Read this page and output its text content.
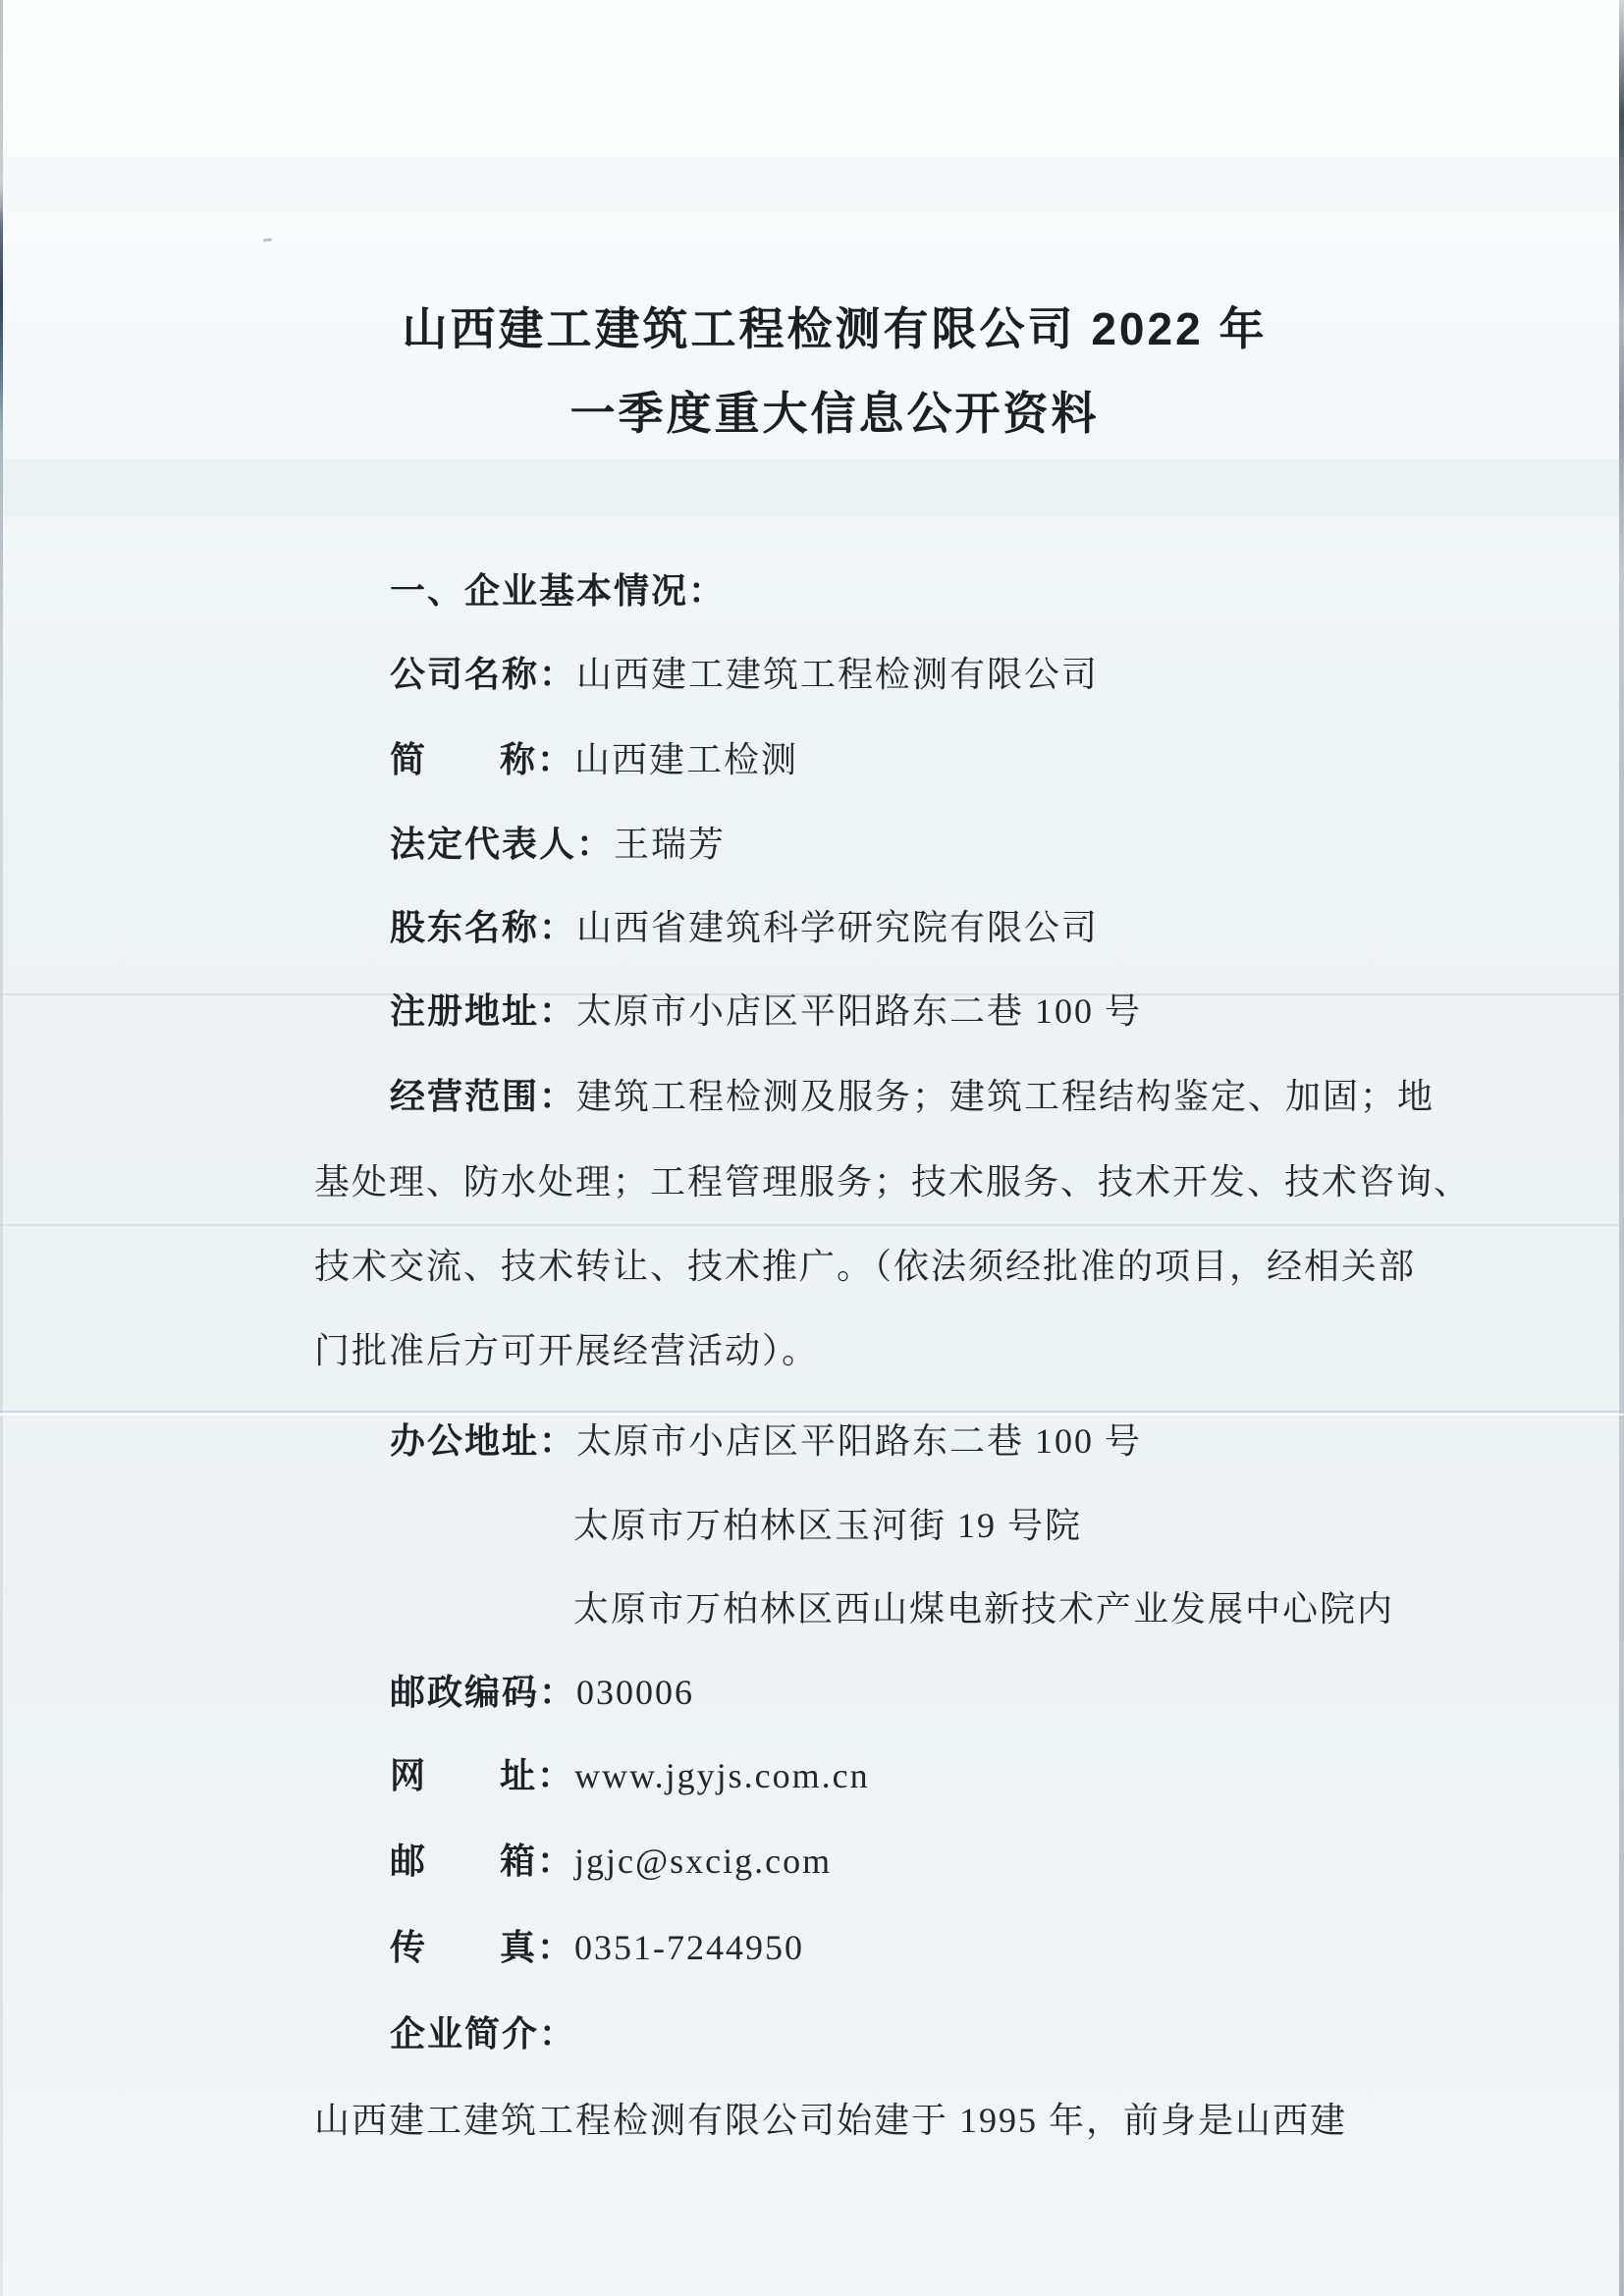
山西建工建筑工程检测有限公司 2022 年
一季度重大信息公开资料

一、企业基本情况：

公司名称：山西建工建筑工程检测有限公司

简 称 ：山西建工检测

法定代表人：王瑞芳

股东名称：山西省建筑科学研究院有限公司

注册地址：太原市小店区平阳路东二巷 100 号

经营范围：建筑工程检测及服务；建筑工程结构鉴定、加固；地

基处理、防水处理；工程管理服务；技术服务、技术开发、技术咨询、

技术交流、技术转让、技术推广。（依法须经批准的项目，经相关部

门批准后方可开展经营活动）。

办公地址：太原市小店区平阳路东二巷 100 号

太原市万柏林区玉河街 19 号院

太原市万柏林区西山煤电新技术产业发展中心院内

邮政编码：030006

网 址 ：www.jgyjs.com.cn

邮 箱 ：jgjc@sxcig.com

传 真 ：0351-7244950

企业简介：

山西建工建筑工程检测有限公司始建于 1995 年，前身是山西建
